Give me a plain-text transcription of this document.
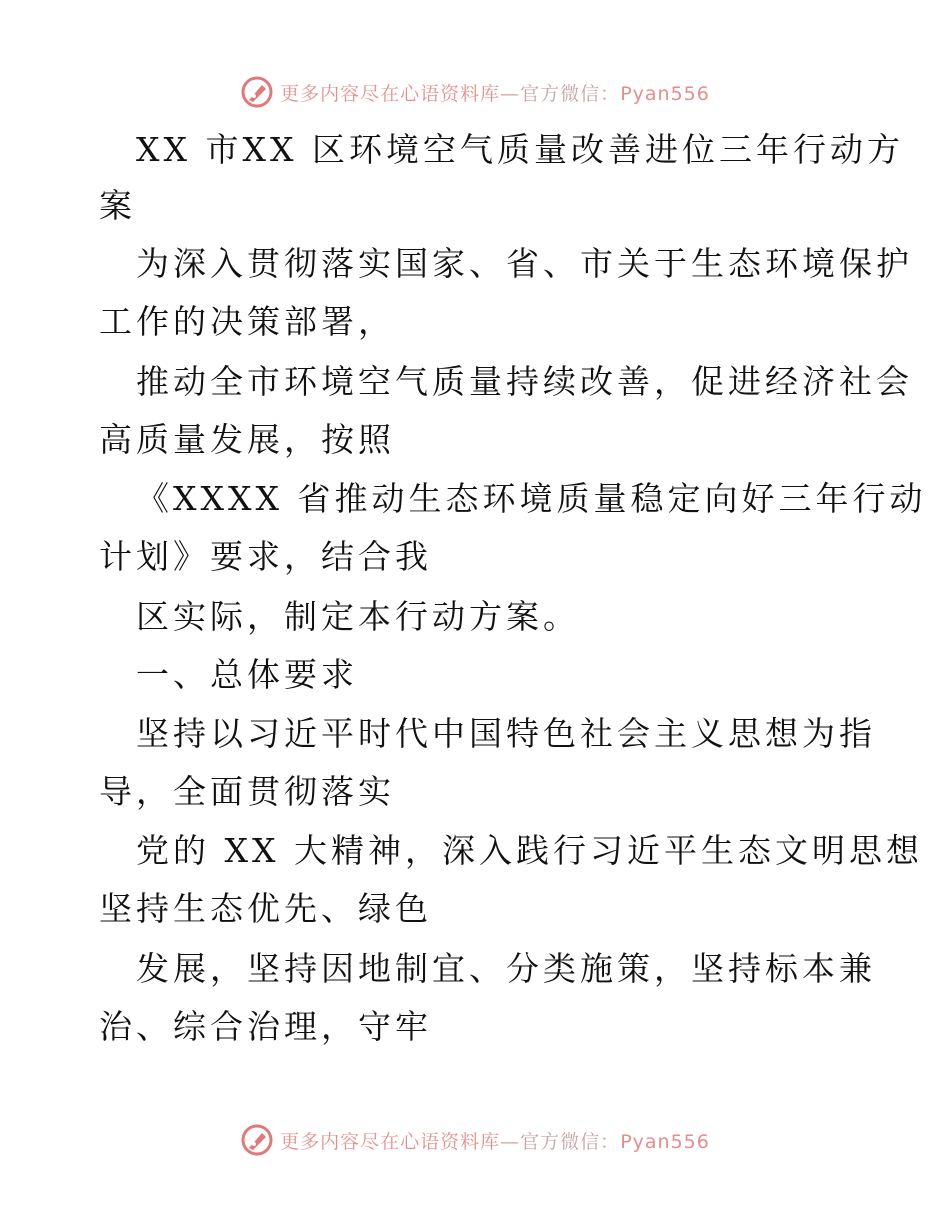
更多内容尽在心语资料库—官方微信：Pyan556
XX 市XX 区环境空气质量改善进位三年行动方
案
为深入贯彻落实国家、省、市关于生态环境保护
工作的决策部署，
推动全市环境空气质量持续改善，促进经济社会
高质量发展，按照
《XXXX 省推动生态环境质量稳定向好三年行动
计划》要求，结合我
区实际，制定本行动方案。
一、总体要求
坚持以习近平时代中国特色社会主义思想为指
导，全面贯彻落实
党的 XX 大精神，深入践行习近平生态文明思想
坚持生态优先、绿色
发展，坚持因地制宜、分类施策，坚持标本兼
治、综合治理，守牢
更多内容尽在心语资料库—官方微信：Pyan556
